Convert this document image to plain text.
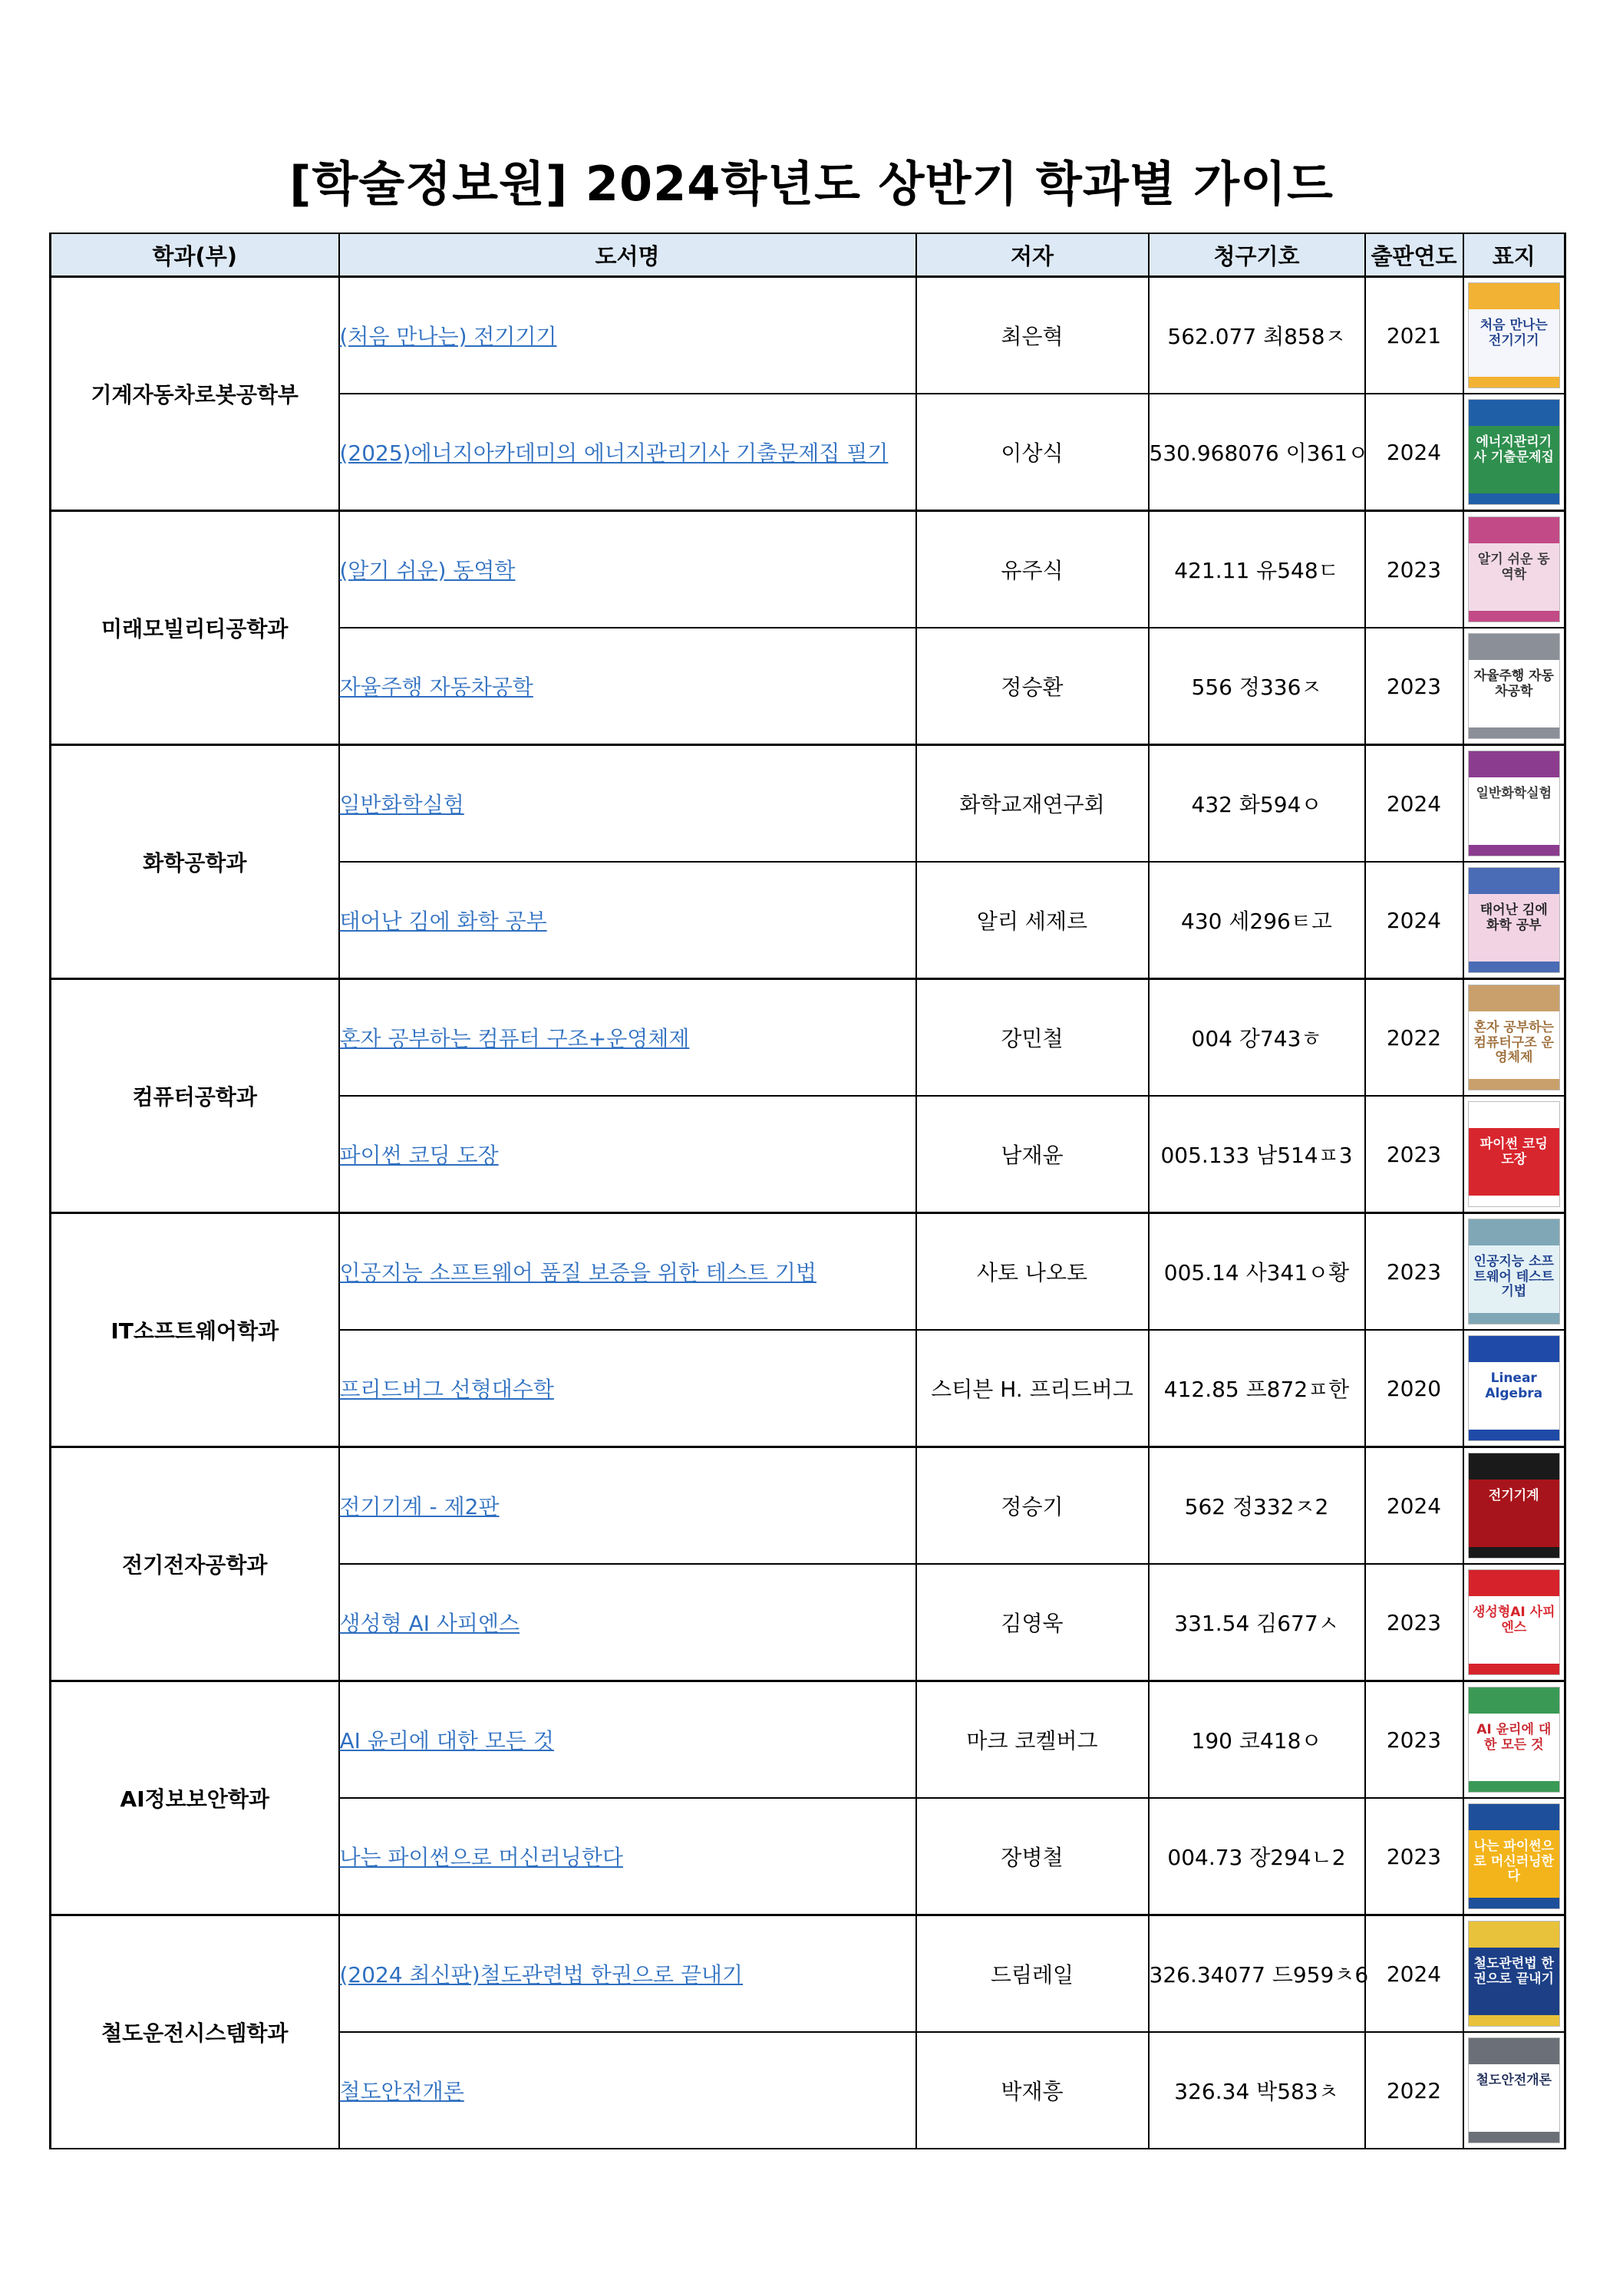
[학술정보원] 2024학년도 상반기 학과별 가이드
학과(부)	도서명	저자	청구기호	출판연도	표지
기계자동차로봇공학부	(처음 만나는) 전기기기	최은혁	562.077 최858ㅈ	2021	처음 만나는 전기기기

	(2025)에너지아카데미의 에너지관리기사 기출문제집 필기	이상식	530.968076 이361ㅇ	2024	에너지관리기사 기출문제집

미래모빌리티공학과	(알기 쉬운) 동역학	유주식	421.11 유548ㄷ	2023	알기 쉬운 동역학

	자율주행 자동차공학	정승환	556 정336ㅈ	2023	자율주행 자동차공학

화학공학과	일반화학실험	화학교재연구회	432 화594ㅇ	2024	일반화학실험

	태어난 김에 화학 공부	알리 세제르	430 세296ㅌ고	2024	태어난 김에 화학 공부

컴퓨터공학과	혼자 공부하는 컴퓨터 구조+운영체제	강민철	004 강743ㅎ	2022	혼자 공부하는 컴퓨터구조 운영체제

	파이썬 코딩 도장	남재윤	005.133 남514ㅍ3	2023	파이썬 코딩 도장

IT소프트웨어학과	인공지능 소프트웨어 품질 보증을 위한 테스트 기법	사토 나오토	005.14 사341ㅇ황	2023	인공지능 소프트웨어 테스트 기법

	프리드버그 선형대수학	스티븐 H. 프리드버그	412.85 프872ㅍ한	2020	Linear Algebra

전기전자공학과	전기기계 - 제2판	정승기	562 정332ㅈ2	2024	전기기계

	생성형 AI 사피엔스	김영욱	331.54 김677ㅅ	2023	생성형AI 사피엔스

AI정보보안학과	AI 윤리에 대한 모든 것	마크 코켈버그	190 코418ㅇ	2023	AI 윤리에 대한 모든 것

	나는 파이썬으로 머신러닝한다	장병철	004.73 장294ㄴ2	2023	나는 파이썬으로 머신러닝한다

철도운전시스템학과	(2024 최신판)철도관련법 한권으로 끝내기	드림레일	326.34077 드959ㅊ6	2024	철도관련법 한권으로 끝내기

	철도안전개론	박재흥	326.34 박583ㅊ	2022	철도안전개론
